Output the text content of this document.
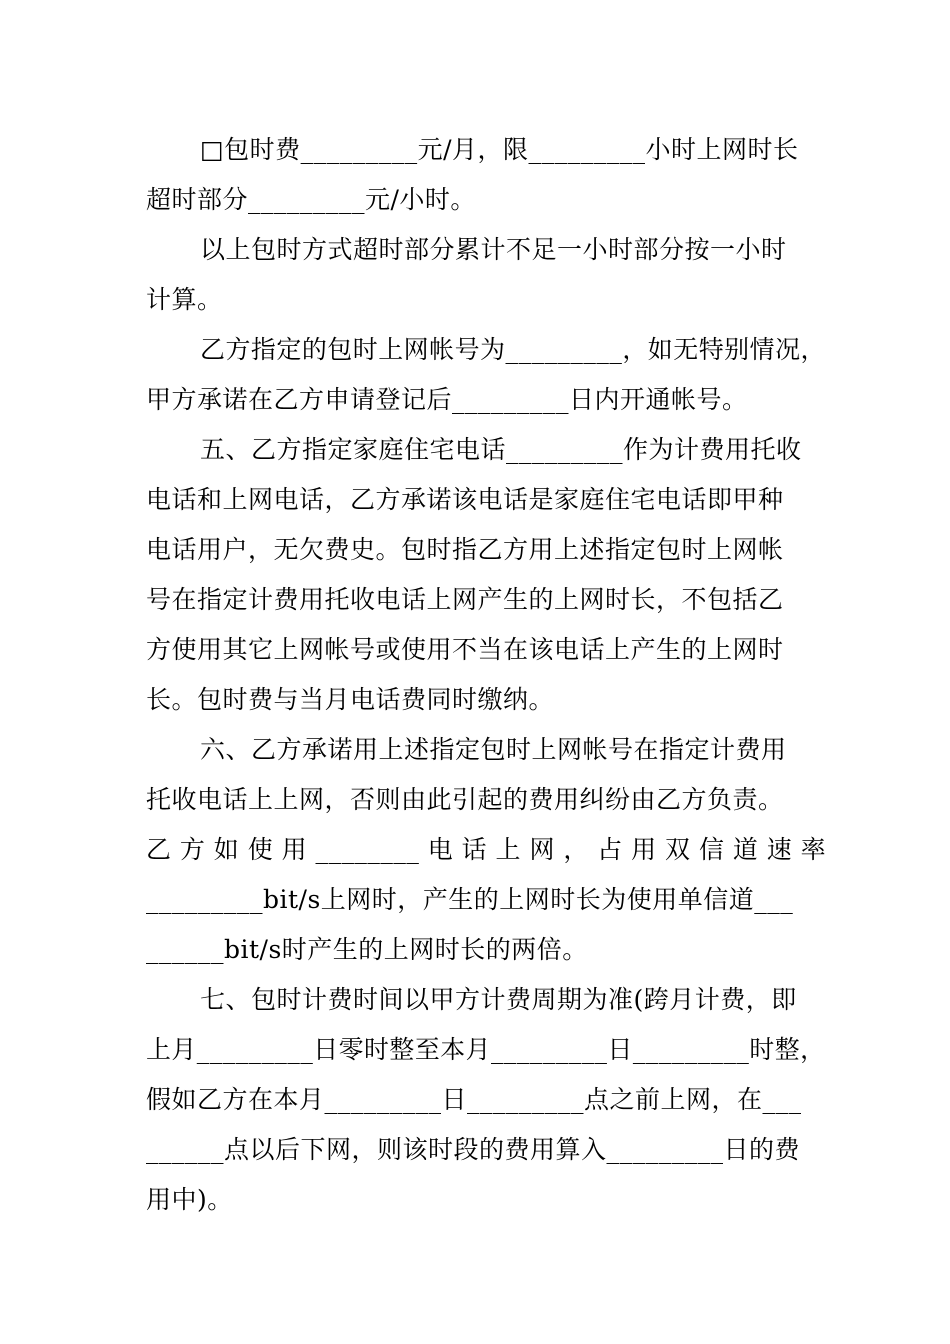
□包时费_________元/月，限_________小时上网时长
超时部分_________元/小时。
以上包时方式超时部分累计不足一小时部分按一小时
计算。
乙方指定的包时上网帐号为_________，如无特别情况，
甲方承诺在乙方申请登记后_________日内开通帐号。
五、乙方指定家庭住宅电话_________作为计费用托收
电话和上网电话，乙方承诺该电话是家庭住宅电话即甲种
电话用户，无欠费史。包时指乙方用上述指定包时上网帐
号在指定计费用托收电话上网产生的上网时长，不包括乙
方使用其它上网帐号或使用不当在该电话上产生的上网时
长。包时费与当月电话费同时缴纳。
六、乙方承诺用上述指定包时上网帐号在指定计费用
托收电话上上网，否则由此引起的费用纠纷由乙方负责。
乙 方 如 使 用 ________ 电 话 上 网 ， 占 用 双 信 道 速 率
_________bit/s上网时，产生的上网时长为使用单信道___
______bit/s时产生的上网时长的两倍。
七、包时计费时间以甲方计费周期为准(跨月计费，即
上月_________日零时整至本月_________日_________时整，
假如乙方在本月_________日_________点之前上网，在___
______点以后下网，则该时段的费用算入_________日的费
用中)。
